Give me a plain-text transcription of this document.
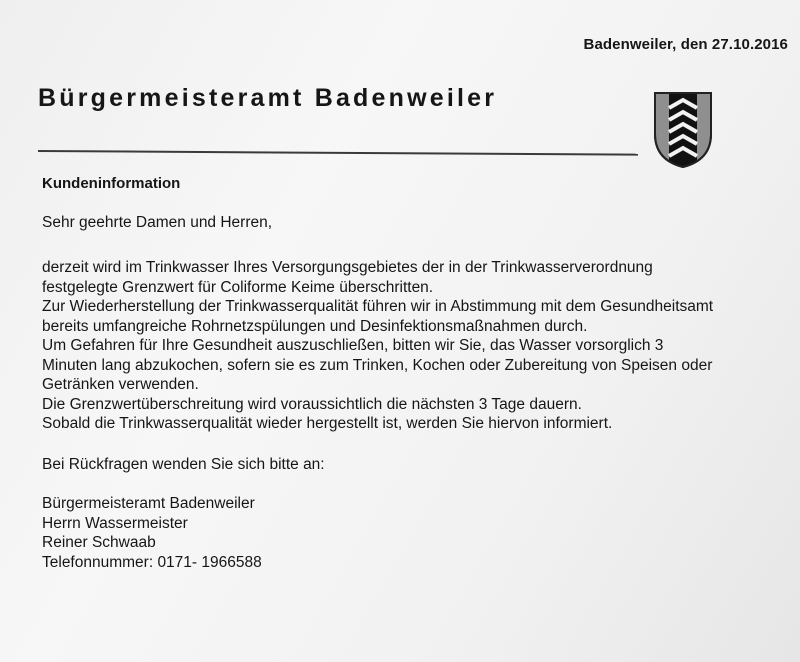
Badenweiler, den 27.10.2016
Bürgermeisteramt Badenweiler
Kundeninformation
Sehr geehrte Damen und Herren,
derzeit wird im Trinkwasser Ihres Versorgungsgebietes der in der Trinkwasserverordnung
festgelegte Grenzwert für Coliforme Keime überschritten.
Zur Wiederherstellung der Trinkwasserqualität führen wir in Abstimmung mit dem Gesundheitsamt
bereits umfangreiche Rohrnetzspülungen und Desinfektionsmaßnahmen durch.
Um Gefahren für Ihre Gesundheit auszuschließen, bitten wir Sie, das Wasser vorsorglich 3
Minuten lang abzukochen, sofern sie es zum Trinken, Kochen oder Zubereitung von Speisen oder
Getränken verwenden.
Die Grenzwertüberschreitung wird voraussichtlich die nächsten 3 Tage dauern.
Sobald die Trinkwasserqualität wieder hergestellt ist, werden Sie hiervon informiert.
Bei Rückfragen wenden Sie sich bitte an:
Bürgermeisteramt Badenweiler
Herrn Wassermeister
Reiner Schwaab
Telefonnummer: 0171- 1966588
